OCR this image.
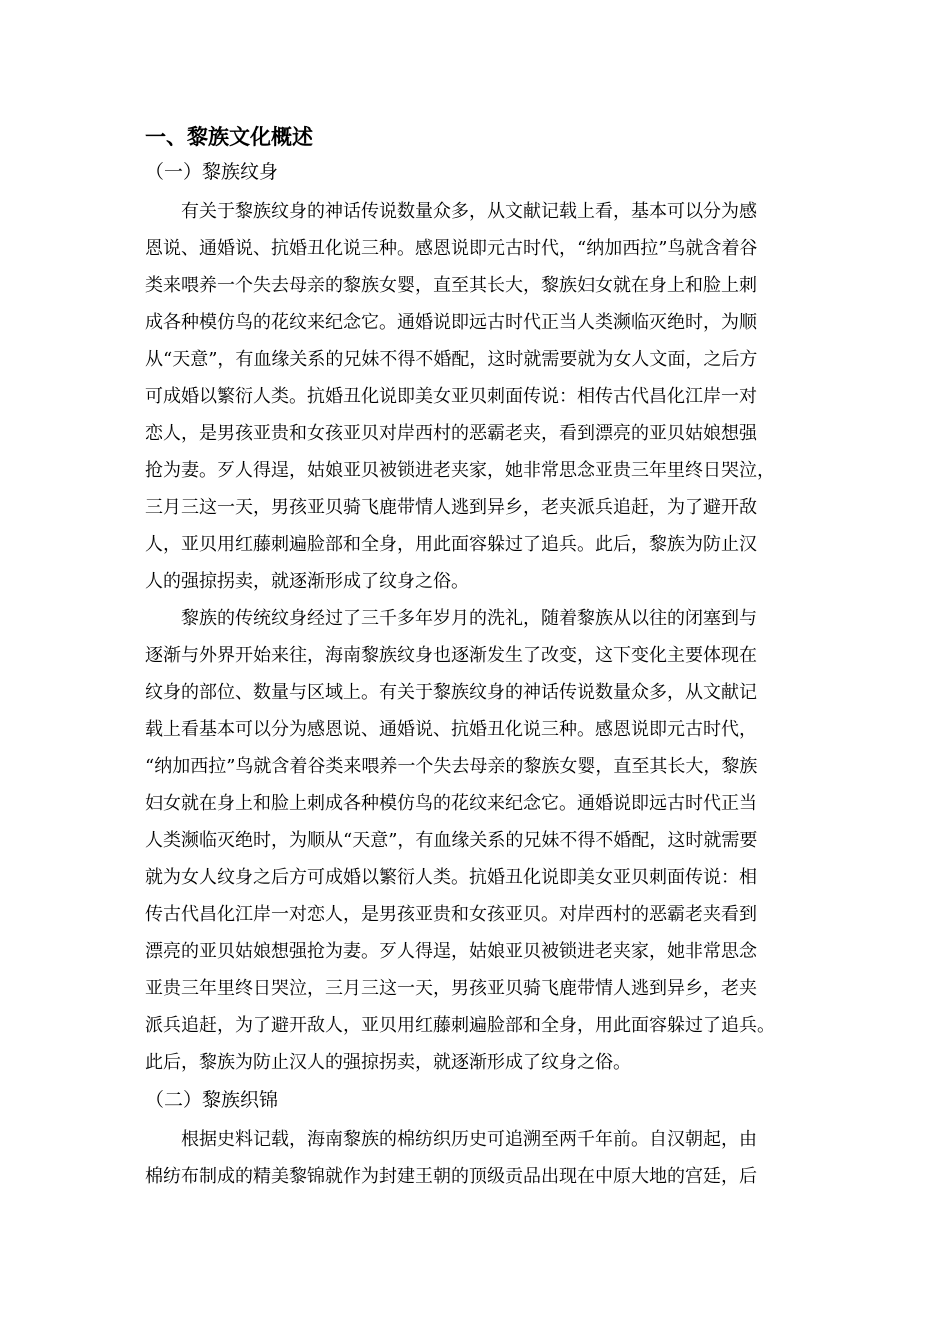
一、黎族文化概述
（一）黎族纹身
有关于黎族纹身的神话传说数量众多，从文献记载上看，基本可以分为感
恩说、通婚说、抗婚丑化说三种。感恩说即元古时代，“纳加西拉”鸟就含着谷
类来喂养一个失去母亲的黎族女婴，直至其长大，黎族妇女就在身上和脸上刺
成各种模仿鸟的花纹来纪念它。通婚说即远古时代正当人类濒临灭绝时，为顺
从“天意”，有血缘关系的兄妹不得不婚配，这时就需要就为女人文面，之后方
可成婚以繁衍人类。抗婚丑化说即美女亚贝刺面传说：相传古代昌化江岸一对
恋人，是男孩亚贵和女孩亚贝对岸西村的恶霸老夹，看到漂亮的亚贝姑娘想强
抢为妻。歹人得逞，姑娘亚贝被锁进老夹家，她非常思念亚贵三年里终日哭泣，
三月三这一天，男孩亚贝骑飞鹿带情人逃到异乡，老夹派兵追赶，为了避开敌
人，亚贝用红藤刺遍脸部和全身，用此面容躲过了追兵。此后，黎族为防止汉
人的强掠拐卖，就逐渐形成了纹身之俗。
黎族的传统纹身经过了三千多年岁月的洗礼，随着黎族从以往的闭塞到与
逐渐与外界开始来往，海南黎族纹身也逐渐发生了改变，这下变化主要体现在
纹身的部位、数量与区域上。有关于黎族纹身的神话传说数量众多，从文献记
载上看基本可以分为感恩说、通婚说、抗婚丑化说三种。感恩说即元古时代，
“纳加西拉”鸟就含着谷类来喂养一个失去母亲的黎族女婴，直至其长大，黎族
妇女就在身上和脸上刺成各种模仿鸟的花纹来纪念它。通婚说即远古时代正当
人类濒临灭绝时，为顺从“天意”，有血缘关系的兄妹不得不婚配，这时就需要
就为女人纹身之后方可成婚以繁衍人类。抗婚丑化说即美女亚贝刺面传说：相
传古代昌化江岸一对恋人，是男孩亚贵和女孩亚贝。对岸西村的恶霸老夹看到
漂亮的亚贝姑娘想强抢为妻。歹人得逞，姑娘亚贝被锁进老夹家，她非常思念
亚贵三年里终日哭泣，三月三这一天，男孩亚贝骑飞鹿带情人逃到异乡，老夹
派兵追赶，为了避开敌人，亚贝用红藤刺遍脸部和全身，用此面容躲过了追兵。
此后，黎族为防止汉人的强掠拐卖，就逐渐形成了纹身之俗。
（二）黎族织锦
根据史料记载，海南黎族的棉纺织历史可追溯至两千年前。自汉朝起，由
棉纺布制成的精美黎锦就作为封建王朝的顶级贡品出现在中原大地的宫廷，后
